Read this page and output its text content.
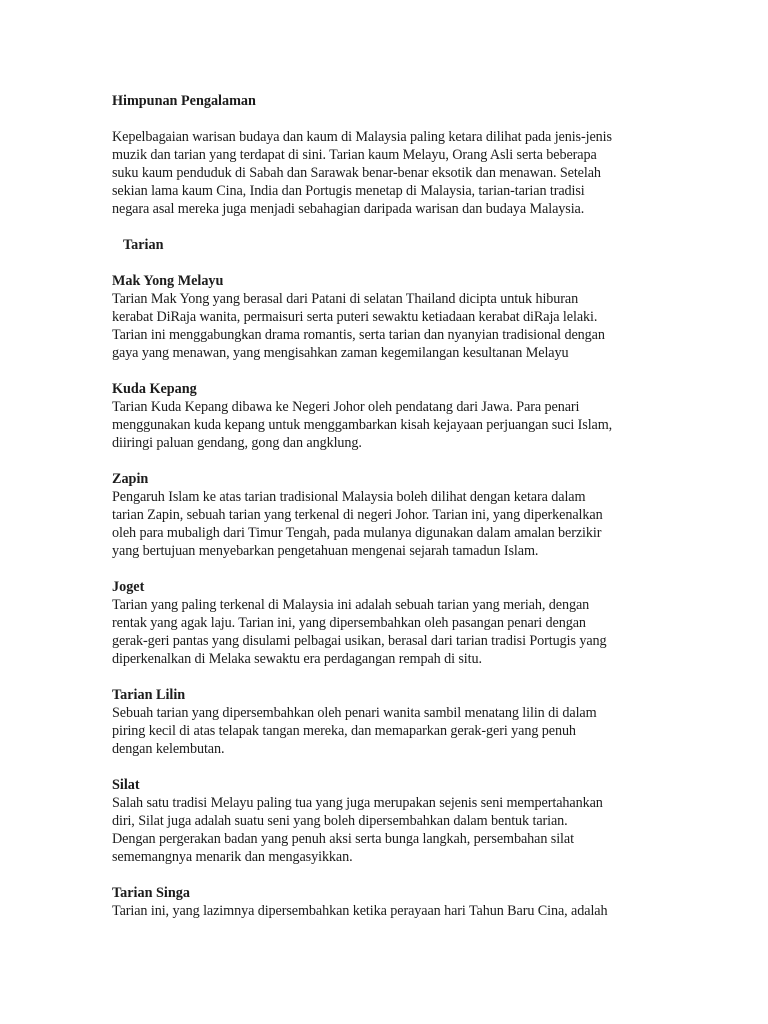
Himpunan Pengalaman

Kepelbagaian warisan budaya dan kaum di Malaysia paling ketara dilihat pada jenis-jenis
muzik dan tarian yang terdapat di sini. Tarian kaum Melayu, Orang Asli serta beberapa
suku kaum penduduk di Sabah dan Sarawak benar-benar eksotik dan menawan. Setelah
sekian lama kaum Cina, India dan Portugis menetap di Malaysia, tarian-tarian tradisi
negara asal mereka juga menjadi sebahagian daripada warisan dan budaya Malaysia.

Tarian
Mak Yong Melayu

Tarian Mak Yong yang berasal dari Patani di selatan Thailand dicipta untuk hiburan
kerabat DiRaja wanita, permaisuri serta puteri sewaktu ketiadaan kerabat diRaja lelaki.
Tarian ini menggabungkan drama romantis, serta tarian dan nyanyian tradisional dengan
gaya yang menawan, yang mengisahkan zaman kegemilangan kesultanan Melayu

Kuda Kepang

Tarian Kuda Kepang dibawa ke Negeri Johor oleh pendatang dari Jawa. Para penari
menggunakan kuda kepang untuk menggambarkan kisah kejayaan perjuangan suci Islam,
diiringi paluan gendang, gong dan angklung.

Zapin

Pengaruh Islam ke atas tarian tradisional Malaysia boleh dilihat dengan ketara dalam
tarian Zapin, sebuah tarian yang terkenal di negeri Johor. Tarian ini, yang diperkenalkan
oleh para mubaligh dari Timur Tengah, pada mulanya digunakan dalam amalan berzikir
yang bertujuan menyebarkan pengetahuan mengenai sejarah tamadun Islam.

Joget

Tarian yang paling terkenal di Malaysia ini adalah sebuah tarian yang meriah, dengan
rentak yang agak laju. Tarian ini, yang dipersembahkan oleh pasangan penari dengan
gerak-geri pantas yang disulami pelbagai usikan, berasal dari tarian tradisi Portugis yang
diperkenalkan di Melaka sewaktu era perdagangan rempah di situ.

Tarian Lilin

Sebuah tarian yang dipersembahkan oleh penari wanita sambil menatang lilin di dalam
piring kecil di atas telapak tangan mereka, dan memaparkan gerak-geri yang penuh
dengan kelembutan.

Silat

Salah satu tradisi Melayu paling tua yang juga merupakan sejenis seni mempertahankan
diri, Silat juga adalah suatu seni yang boleh dipersembahkan dalam bentuk tarian.
Dengan pergerakan badan yang penuh aksi serta bunga langkah, persembahan silat
sememangnya menarik dan mengasyikkan.

Tarian Singa

Tarian ini, yang lazimnya dipersembahkan ketika perayaan hari Tahun Baru Cina, adalah
